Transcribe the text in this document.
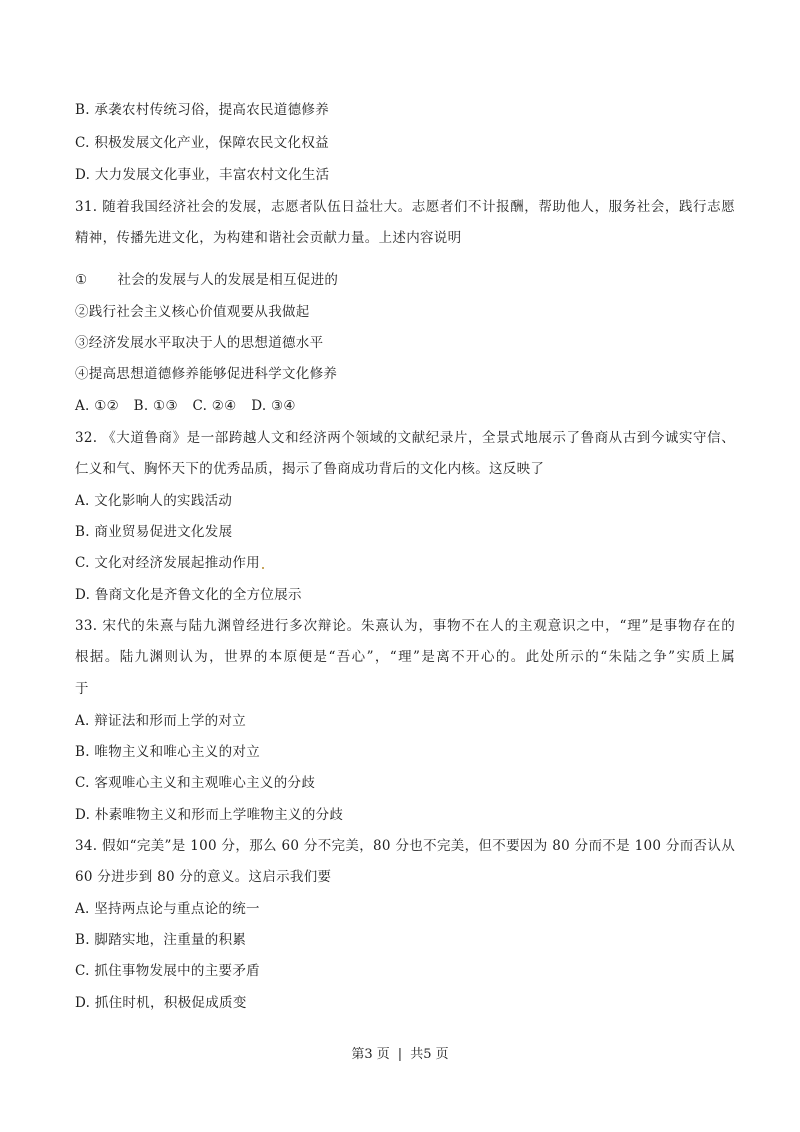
B. 承袭农村传统习俗，提高农民道德修养
C. 积极发展文化产业，保障农民文化权益
D. 大力发展文化事业，丰富农村文化生活
31. 随着我国经济社会的发展，志愿者队伍日益壮大。志愿者们不计报酬，帮助他人，服务社会，践行志愿
精神，传播先进文化，为构建和谐社会贡献力量。上述内容说明
① 社会的发展与人的发展是相互促进的
②践行社会主义核心价值观要从我做起
③经济发展水平取决于人的思想道德水平
④提高思想道德修养能够促进科学文化修养
A. ①② B. ①③ C. ②④ D. ③④
32. 《大道鲁商》是一部跨越人文和经济两个领域的文献纪录片，全景式地展示了鲁商从古到今诚实守信、
仁义和气、胸怀天下的优秀品质，揭示了鲁商成功背后的文化内核。这反映了
A. 文化影响人的实践活动
B. 商业贸易促进文化发展
C. 文化对经济发展起推动作用
D. 鲁商文化是齐鲁文化的全方位展示
33. 宋代的朱熹与陆九渊曾经进行多次辩论。朱熹认为，事物不在人的主观意识之中，“理”是事物存在的
根据。陆九渊则认为，世界的本原便是“吾心”，“理”是离不开心的。此处所示的“朱陆之争”实质上属
于
A. 辩证法和形而上学的对立
B. 唯物主义和唯心主义的对立
C. 客观唯心主义和主观唯心主义的分歧
D. 朴素唯物主义和形而上学唯物主义的分歧
34. 假如“完美”是 100 分，那么 60 分不完美，80 分也不完美，但不要因为 80 分而不是 100 分而否认从
60 分进步到 80 分的意义。这启示我们要
A. 坚持两点论与重点论的统一
B. 脚踏实地，注重量的积累
C. 抓住事物发展中的主要矛盾
D. 抓住时机，积极促成质变
第3 页 | 共5 页
